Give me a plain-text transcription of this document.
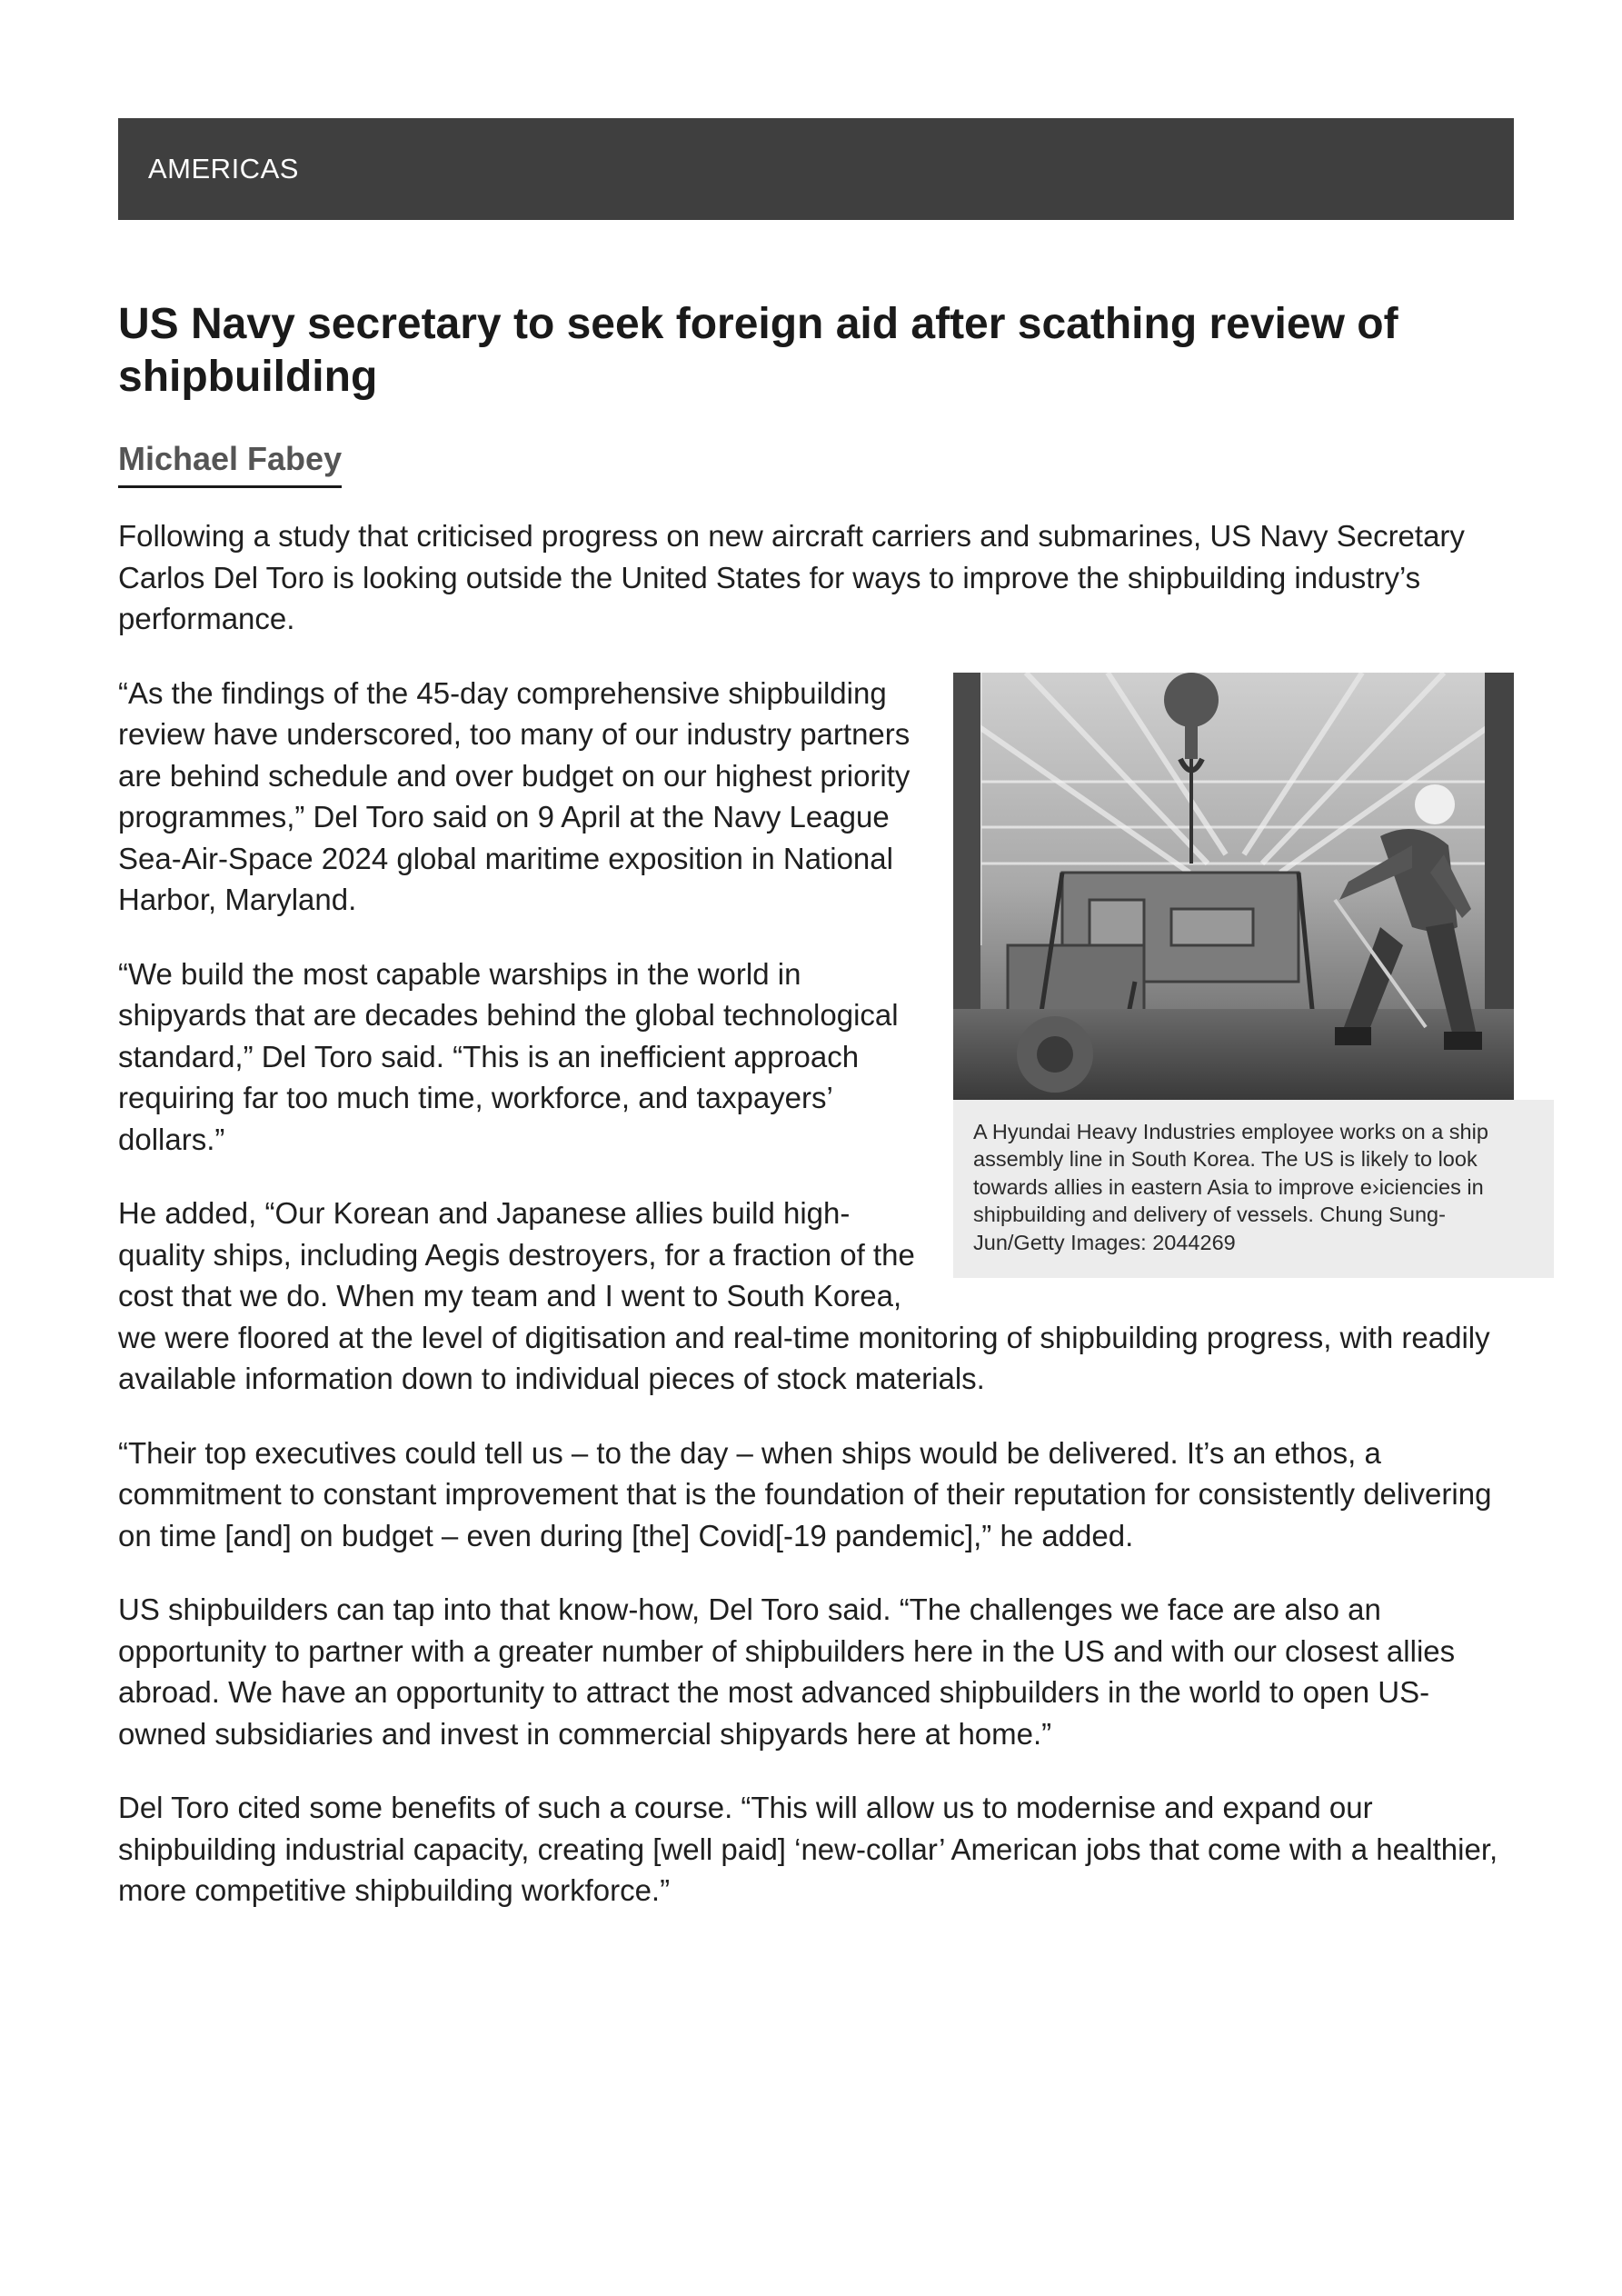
AMERICAS
US Navy secretary to seek foreign aid after scathing review of shipbuilding
Michael Fabey

Following a study that criticised progress on new aircraft carriers and submarines, US Navy Secretary Carlos Del Toro is looking outside the United States for ways to improve the shipbuilding industry’s performance.

A Hyundai Heavy Industries employee works on a ship assembly line in South Korea. The US is likely to look towards allies in eastern Asia to improve e›iciencies in shipbuilding and delivery of vessels. Chung Sung-Jun/Getty Images: 2044269

“As the findings of the 45-day comprehensive shipbuilding review have underscored, too many of our industry partners are behind schedule and over budget on our highest priority programmes,” Del Toro said on 9 April at the Navy League Sea-Air-Space 2024 global maritime exposition in National Harbor, Maryland.

“We build the most capable warships in the world in shipyards that are decades behind the global technological standard,” Del Toro said. “This is an inefficient approach requiring far too much time, workforce, and taxpayers’ dollars.”

He added, “Our Korean and Japanese allies build high-quality ships, including Aegis destroyers, for a fraction of the cost that we do. When my team and I went to South Korea, we were floored at the level of digitisation and real-time monitoring of shipbuilding progress, with readily available information down to individual pieces of stock materials.

“Their top executives could tell us – to the day – when ships would be delivered. It’s an ethos, a commitment to constant improvement that is the foundation of their reputation for consistently delivering on time [and] on budget – even during [the] Covid[-19 pandemic],” he added.

US shipbuilders can tap into that know-how, Del Toro said. “The challenges we face are also an opportunity to partner with a greater number of shipbuilders here in the US and with our closest allies abroad. We have an opportunity to attract the most advanced shipbuilders in the world to open US-owned subsidiaries and invest in commercial shipyards here at home.”

Del Toro cited some benefits of such a course. “This will allow us to modernise and expand our shipbuilding industrial capacity, creating [well paid] ‘new-collar’ American jobs that come with a healthier, more competitive shipbuilding workforce.”
